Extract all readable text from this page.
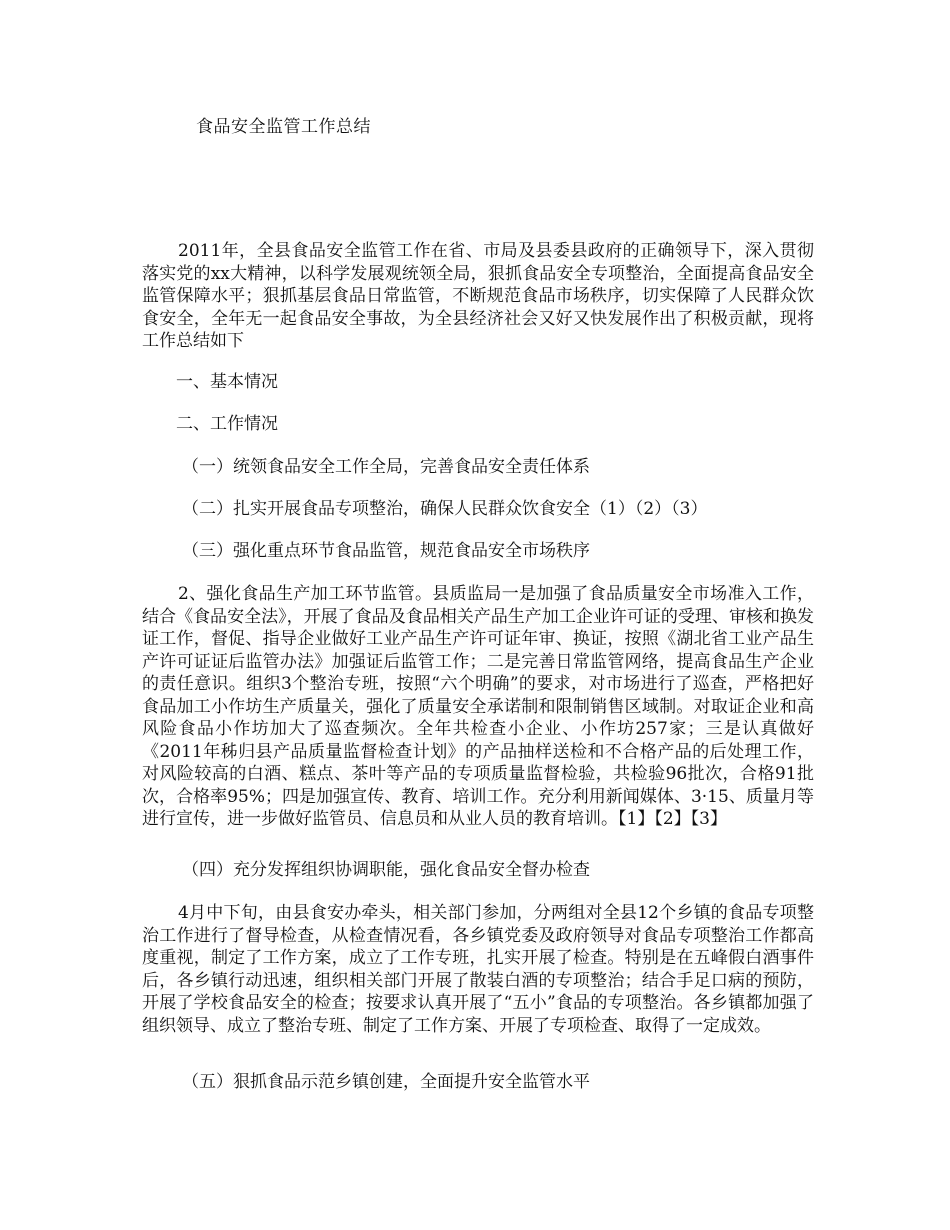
食品安全监管工作总结

2011年，全县食品安全监管工作在省、市局及县委县政府的正确领导下，深入贯彻落实党的xx大精神，以科学发展观统领全局，狠抓食品安全专项整治，全面提高食品安全监管保障水平；狠抓基层食品日常监管，不断规范食品市场秩序，切实保障了人民群众饮食安全，全年无一起食品安全事故，为全县经济社会又好又快发展作出了积极贡献，现将工作总结如下

一、基本情况
二、工作情况
（一）统领食品安全工作全局，完善食品安全责任体系
（二）扎实开展食品专项整治，确保人民群众饮食安全（1）（2）（3）
（三）强化重点环节食品监管，规范食品安全市场秩序

2、强化食品生产加工环节监管。县质监局一是加强了食品质量安全市场准入工作，结合《食品安全法》，开展了食品及食品相关产品生产加工企业许可证的受理、审核和换发证工作，督促、指导企业做好工业产品生产许可证年审、换证，按照《湖北省工业产品生产许可证证后监管办法》加强证后监管工作；二是完善日常监管网络，提高食品生产企业的责任意识。组织3个整治专班，按照“六个明确”的要求，对市场进行了巡查，严格把好食品加工小作坊生产质量关，强化了质量安全承诺制和限制销售区域制。对取证企业和高风险食品小作坊加大了巡查频次。全年共检查小企业、小作坊257家；三是认真做好《2011年秭归县产品质量监督检查计划》的产品抽样送检和不合格产品的后处理工作，对风险较高的白酒、糕点、茶叶等产品的专项质量监督检验，共检验96批次，合格91批次，合格率95%；四是加强宣传、教育、培训工作。充分利用新闻媒体、3·15、质量月等进行宣传，进一步做好监管员、信息员和从业人员的教育培训。【1】【2】【3】

（四）充分发挥组织协调职能，强化食品安全督办检查

4月中下旬，由县食安办牵头，相关部门参加，分两组对全县12个乡镇的食品专项整治工作进行了督导检查，从检查情况看，各乡镇党委及政府领导对食品专项整治工作都高度重视，制定了工作方案，成立了工作专班，扎实开展了检查。特别是在五峰假白酒事件后，各乡镇行动迅速，组织相关部门开展了散装白酒的专项整治；结合手足口病的预防，开展了学校食品安全的检查；按要求认真开展了“五小”食品的专项整治。各乡镇都加强了组织领导、成立了整治专班、制定了工作方案、开展了专项检查、取得了一定成效。

（五）狠抓食品示范乡镇创建，全面提升安全监管水平
